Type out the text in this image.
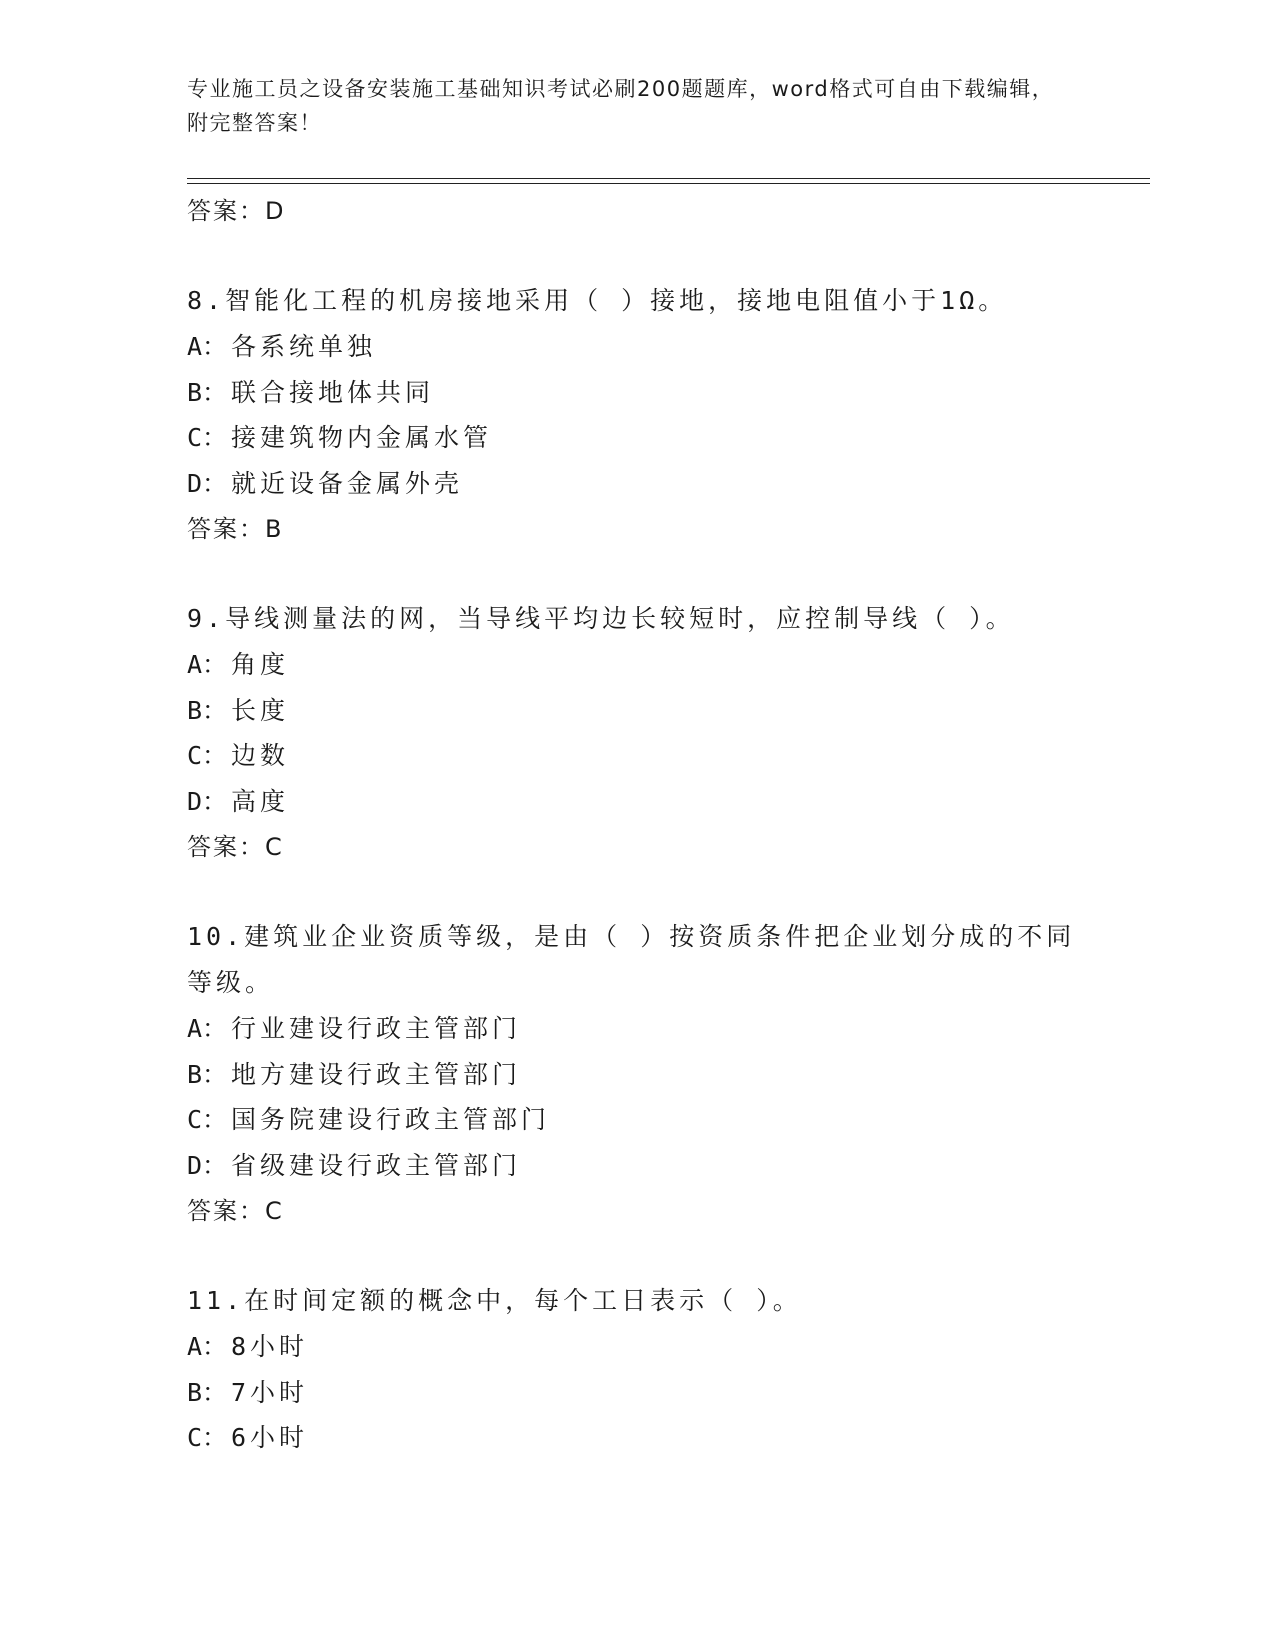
专业施工员之设备安装施工基础知识考试必刷200题题库，word格式可自由下载编辑，附完整答案！
答案：D
8.智能化工程的机房接地采用（ ）接地，接地电阻值小于1Ω。
A： 各系统单独
B： 联合接地体共同
C： 接建筑物内金属水管
D： 就近设备金属外壳
答案：B
9.导线测量法的网，当导线平均边长较短时，应控制导线（ ）。
A： 角度
B： 长度
C： 边数
D： 高度
答案：C
10.建筑业企业资质等级，是由（ ）按资质条件把企业划分成的不同等级。
A： 行业建设行政主管部门
B： 地方建设行政主管部门
C： 国务院建设行政主管部门
D： 省级建设行政主管部门
答案：C
11.在时间定额的概念中，每个工日表示（ ）。
A： 8小时
B： 7小时
C： 6小时
